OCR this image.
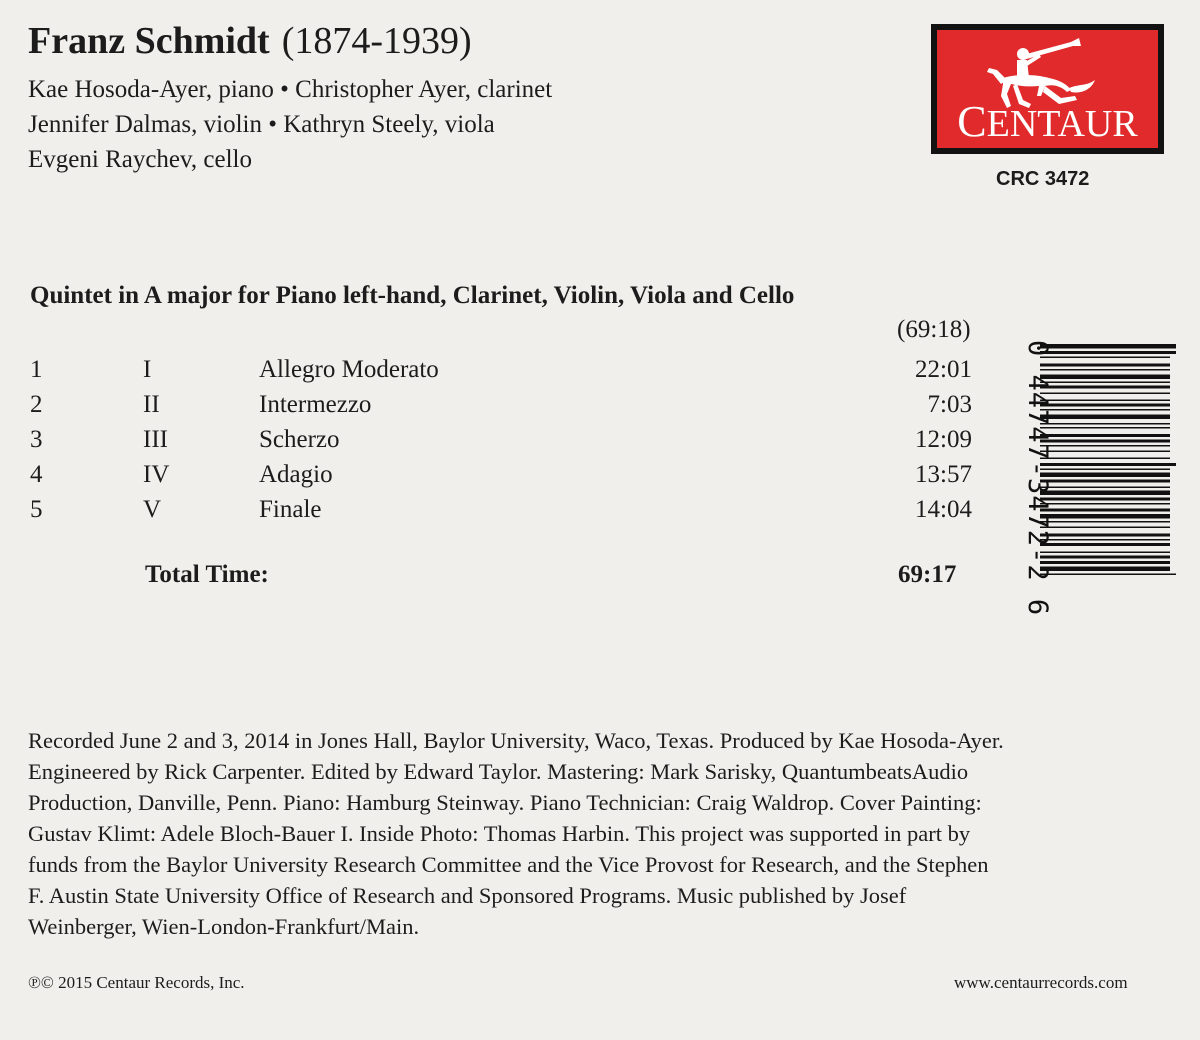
Franz Schmidt (1874-1939)
Kae Hosoda-Ayer, piano • Christopher Ayer, clarinet
Jennifer Dalmas, violin • Kathryn Steely, viola
Evgeni Raychev, cello
CENTAUR
CRC 3472
Quintet in A major for Piano left-hand, Clarinet, Violin, Viola and Cello
(69:18)
1	I	Allegro Moderato	22:01
2	II	Intermezzo	7:03
3	III	Scherzo	12:09
4	IV	Adagio	13:57
5	V	Finale	14:04
Total Time:	69:17 0 44747-3472-2 6
Recorded June 2 and 3, 2014 in Jones Hall, Baylor University, Waco, Texas. Produced by Kae Hosoda-Ayer.
Engineered by Rick Carpenter. Edited by Edward Taylor. Mastering: Mark Sarisky, QuantumbeatsAudio
Production, Danville, Penn. Piano: Hamburg Steinway. Piano Technician: Craig Waldrop. Cover Painting:
Gustav Klimt: Adele Bloch-Bauer I. Inside Photo: Thomas Harbin. This project was supported in part by
funds from the Baylor University Research Committee and the Vice Provost for Research, and the Stephen
F. Austin State University Office of Research and Sponsored Programs. Music published by Josef
Weinberger, Wien-London-Frankfurt/Main.
℗© 2015 Centaur Records, Inc.	www.centaurrecords.com
